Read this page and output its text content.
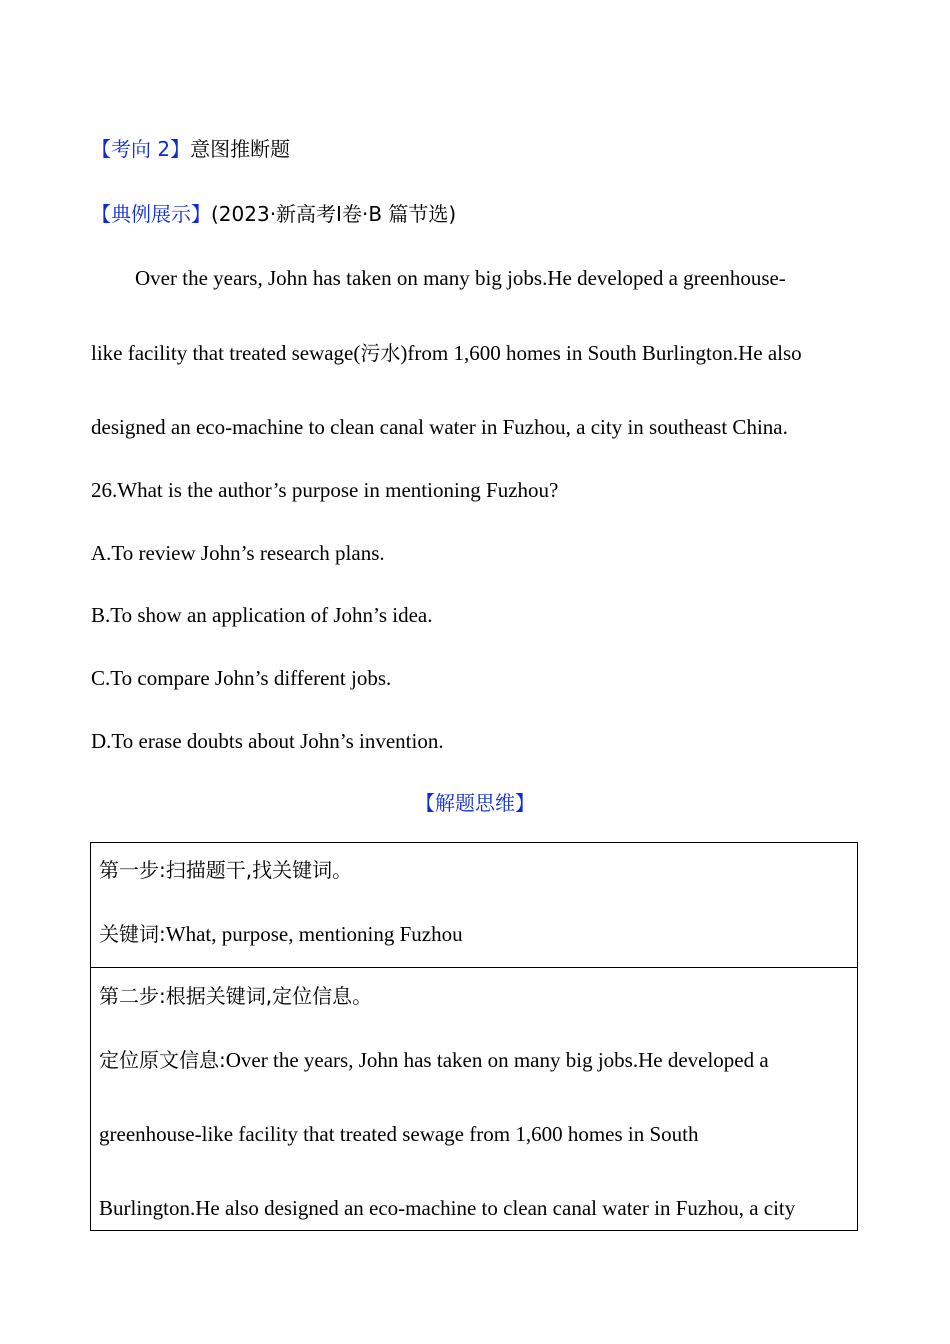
【考向 2】意图推断题
【典例展示】(2023·新高考Ⅰ卷·B 篇节选)
Over the years, John has taken on many big jobs.He developed a greenhouse-
like facility that treated sewage(污水)from 1,600 homes in South Burlington.He also
designed an eco-machine to clean canal water in Fuzhou, a city in southeast China.
26.What is the author’s purpose in mentioning Fuzhou?
A.To review John’s research plans.
B.To show an application of John’s idea.
C.To compare John’s different jobs.
D.To erase doubts about John’s invention.
【解题思维】
第一步:扫描题干,找关键词。
关键词:What, purpose, mentioning Fuzhou
第二步:根据关键词,定位信息。
定位原文信息:Over the years, John has taken on many big jobs.He developed a
greenhouse-like facility that treated sewage from 1,600 homes in South
Burlington.He also designed an eco-machine to clean canal water in Fuzhou, a city
